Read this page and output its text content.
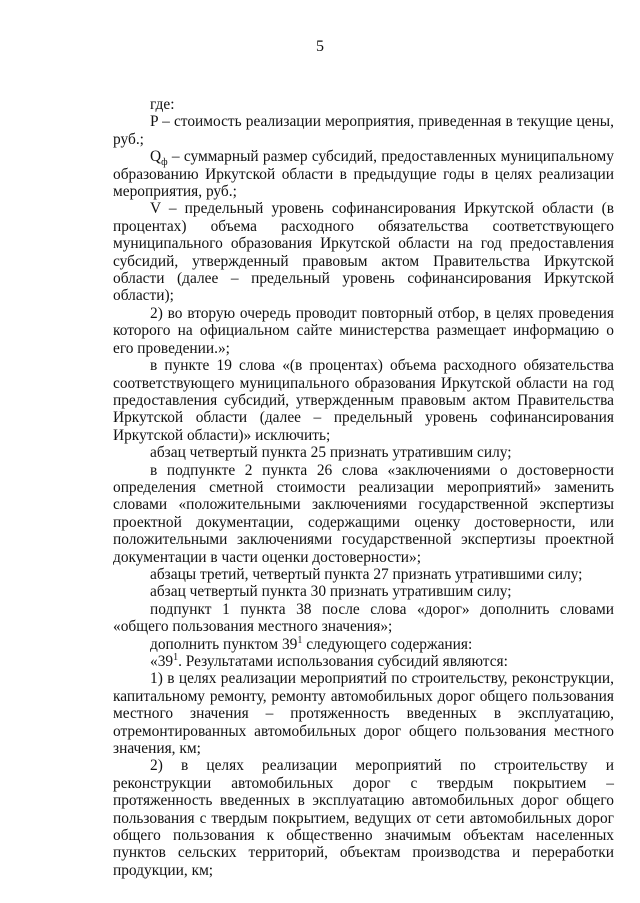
5

где:

P – стоимость реализации мероприятия, приведенная в текущие цены, руб.;

$Q_ф$ – суммарный размер субсидий, предоставленных муниципальному образованию Иркутской области в предыдущие годы в целях реализации мероприятия, руб.;

V – предельный уровень софинансирования Иркутской области (в процентах) объема расходного обязательства соответствующего муниципального образования Иркутской области на год предоставления субсидий, утвержденный правовым актом Правительства Иркутской области (далее – предельный уровень софинансирования Иркутской области);

2) во вторую очередь проводит повторный отбор, в целях проведения которого на официальном сайте министерства размещает информацию о его проведении.»;

в пункте 19 слова «(в процентах) объема расходного обязательства соответствующего муниципального образования Иркутской области на год предоставления субсидий, утвержденным правовым актом Правительства Иркутской области (далее – предельный уровень софинансирования Иркутской области)» исключить;

абзац четвертый пункта 25 признать утратившим силу;

в подпункте 2 пункта 26 слова «заключениями о достоверности определения сметной стоимости реализации мероприятий» заменить словами «положительными заключениями государственной экспертизы проектной документации, содержащими оценку достоверности, или положительными заключениями государственной экспертизы проектной документации в части оценки достоверности»;

абзацы третий, четвертый пункта 27 признать утратившими силу;

абзац четвертый пункта 30 признать утратившим силу;

подпункт 1 пункта 38 после слова «дорог» дополнить словами «общего пользования местного значения»;

дополнить пунктом $39^1$ следующего содержания:

«$39^1$. Результатами использования субсидий являются:

1) в целях реализации мероприятий по строительству, реконструкции, капитальному ремонту, ремонту автомобильных дорог общего пользования местного значения – протяженность введенных в эксплуатацию, отремонтированных автомобильных дорог общего пользования местного значения, км;

2) в целях реализации мероприятий по строительству и реконструкции автомобильных дорог с твердым покрытием – протяженность введенных в эксплуатацию автомобильных дорог общего пользования с твердым покрытием, ведущих от сети автомобильных дорог общего пользования к общественно значимым объектам населенных пунктов сельских территорий, объектам производства и переработки продукции, км;
